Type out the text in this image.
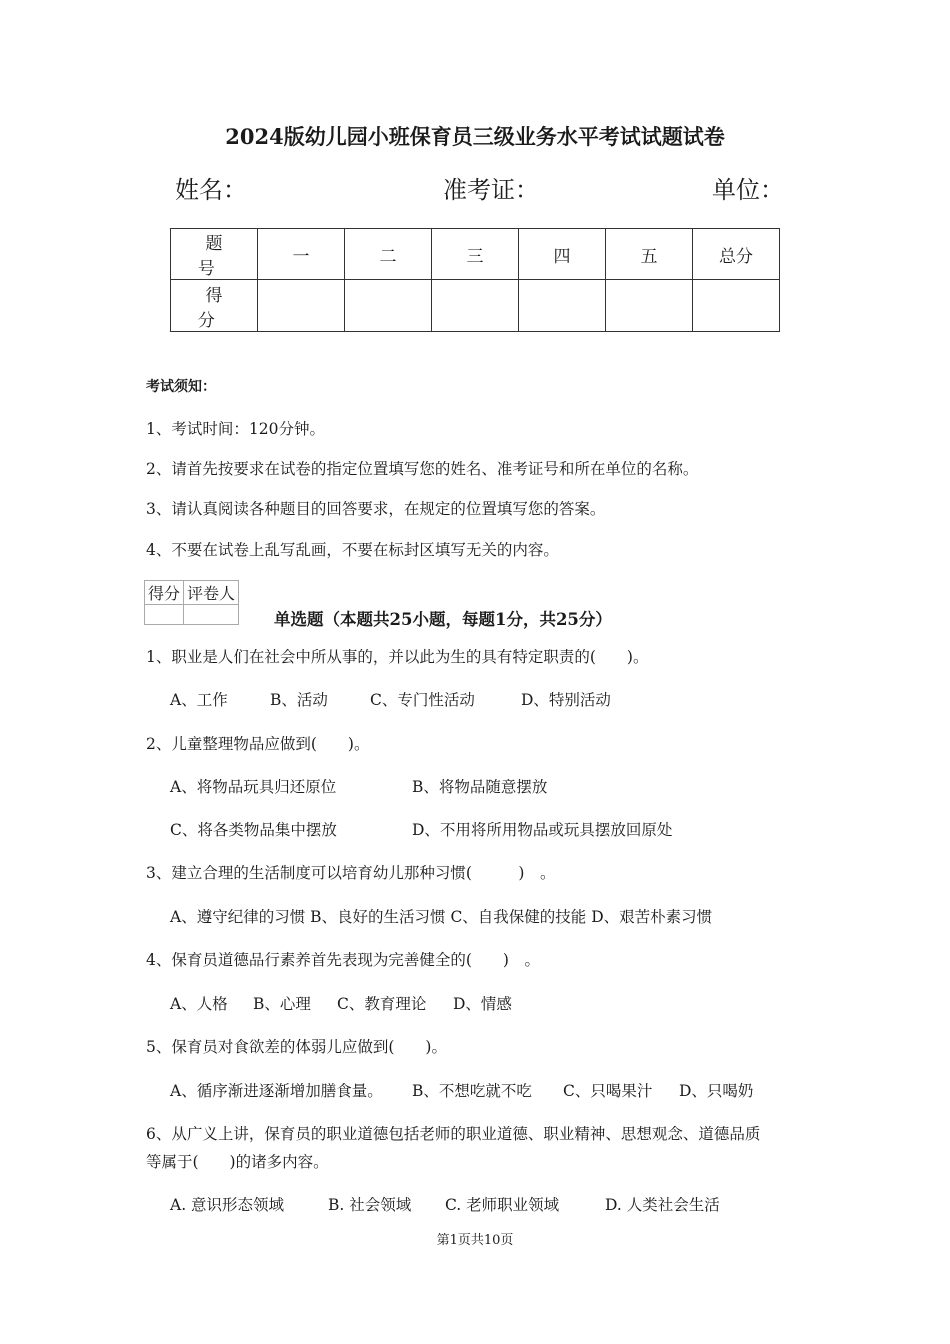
2024版幼儿园小班保育员三级业务水平考试试题试卷
姓名：	准考证：	单位：
题　号	一	二	三	四	五	总分
得　分						
考试须知：
1、考试时间：120分钟。
2、请首先按要求在试卷的指定位置填写您的姓名、准考证号和所在单位的名称。
3、请认真阅读各种题目的回答要求，在规定的位置填写您的答案。
4、不要在试卷上乱写乱画，不要在标封区填写无关的内容。
得分	评卷人

单选题（本题共25小题，每题1分，共25分）
1、职业是人们在社会中所从事的，并以此为生的具有特定职责的(　　)。
A、工作	B、活动	C、专门性活动	D、特别活动
2、儿童整理物品应做到(　　)。
A、将物品玩具归还原位	B、将物品随意摆放
C、将各类物品集中摆放	D、不用将所用物品或玩具摆放回原处
3、建立合理的生活制度可以培育幼儿那种习惯(　　　)　。
A、遵守纪律的习惯 B、良好的生活习惯 C、自我保健的技能 D、艰苦朴素习惯
4、保育员道德品行素养首先表现为完善健全的(　　)　。
A、人格 B、心理 C、教育理论 D、情感
5、保育员对食欲差的体弱儿应做到(　　)。
A、循序渐进逐渐增加膳食量。 B、不想吃就不吃 C、只喝果汁 D、只喝奶
6、从广义上讲，保育员的职业道德包括老师的职业道德、职业精神、思想观念、道德品质
等属于(　　)的诸多内容。
A. 意识形态领域	B. 社会领域 C. 老师职业领域	D. 人类社会生活
第1页共10页
